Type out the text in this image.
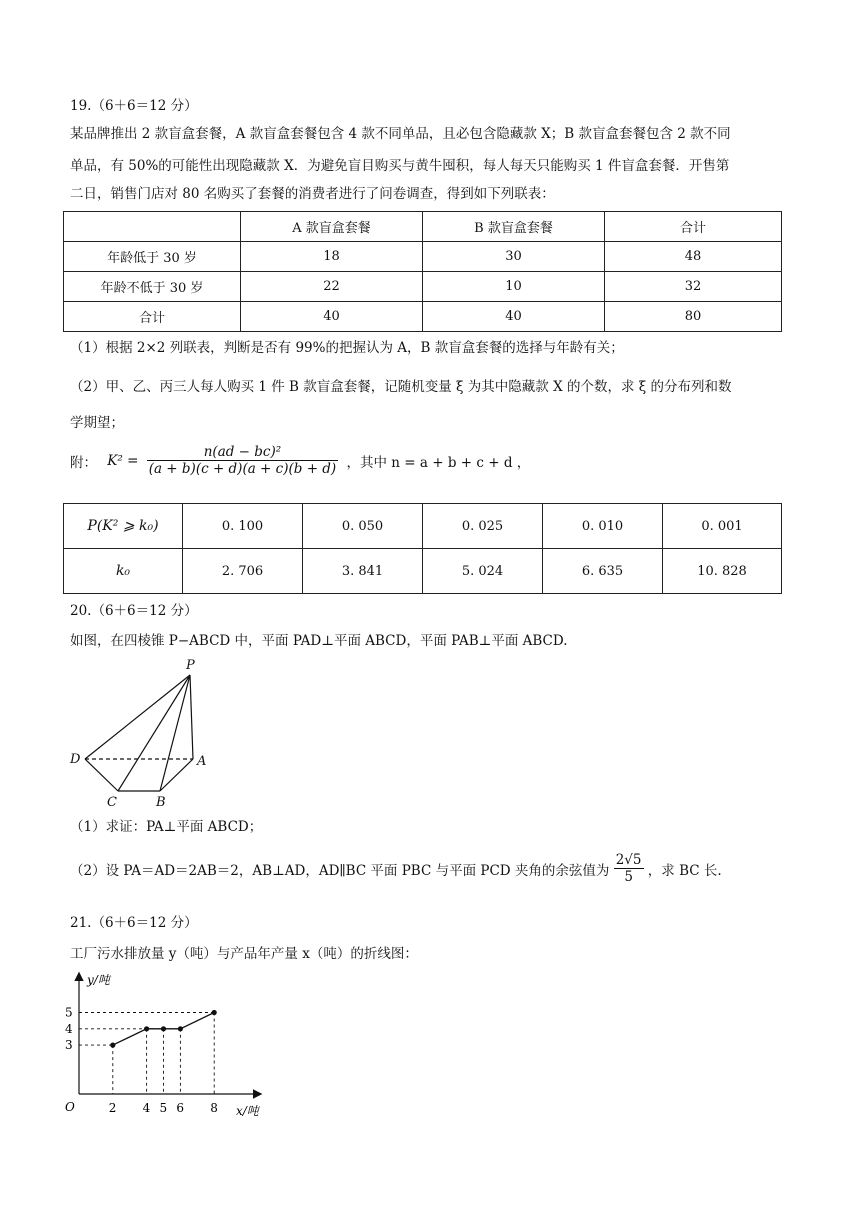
19.（6＋6＝12 分）
某品牌推出 2 款盲盒套餐，A 款盲盒套餐包含 4 款不同单品，且必包含隐藏款 X；B 款盲盒套餐包含 2 款不同
单品，有 50%的可能性出现隐藏款 X．为避免盲目购买与黄牛囤积，每人每天只能购买 1 件盲盒套餐．开售第
二日，销售门店对 80 名购买了套餐的消费者进行了问卷调查，得到如下列联表：
	A 款盲盒套餐	B 款盲盒套餐	合计
年龄低于 30 岁	18	30	48
年龄不低于 30 岁	22	10	32
合计	40	40	80
（1）根据 2×2 列联表，判断是否有 99%的把握认为 A，B 款盲盒套餐的选择与年龄有关；
（2）甲、乙、丙三人每人购买 1 件 B 款盲盒套餐，记随机变量 ξ 为其中隐藏款 X 的个数，求 ξ 的分布列和数
学期望；
附： $K^2 = \frac{\text{n(ad − bc)²}}{(a + b)(c + d)(a + c)(b + d)}$ ，其中 n = a + b + c + d ，
P(K² ⩾ k₀)	0. 100	0. 050	0. 025	0. 010	0. 001
k₀	2. 706	3. 841	5. 024	6. 635	10. 828
20.（6＋6＝12 分）
如图，在四棱锥 P−ABCD 中，平面 PAD⊥平面 ABCD，平面 PAB⊥平面 ABCD.
P
D	A
C	B
（1）求证：PA⊥平面 ABCD；
（2）设 PA＝AD＝2AB＝2，AB⊥AD，AD∥BC 平面 PBC 与平面 PCD 夹角的余弦值为 $\frac{2√5}{5}$ ，求 BC 长.
21.（6＋6＝12 分）
工厂污水排放量 y（吨）与产品年产量 x（吨）的折线图：
y/吨
x/吨
O
3
4
5
2 4 5 6 8
